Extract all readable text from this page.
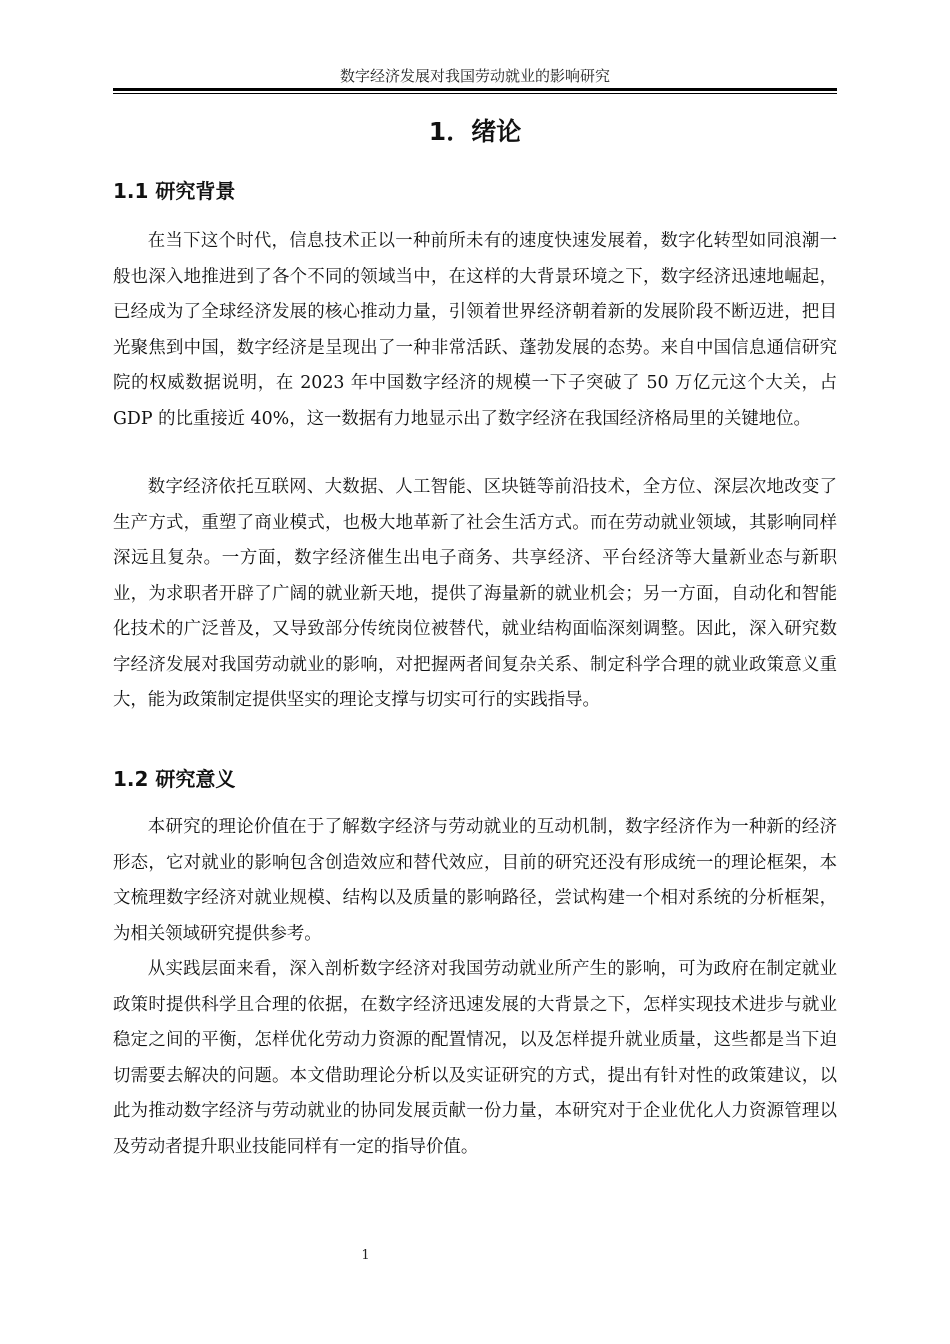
数字经济发展对我国劳动就业的影响研究
1．绪论
1.1 研究背景

在当下这个时代，信息技术正以一种前所未有的速度快速发展着，数字化转型如同浪潮一般也深入地推进到了各个不同的领域当中，在这样的大背景环境之下，数字经济迅速地崛起，已经成为了全球经济发展的核心推动力量，引领着世界经济朝着新的发展阶段不断迈进，把目光聚焦到中国，数字经济是呈现出了一种非常活跃、蓬勃发展的态势。来自中国信息通信研究院的权威数据说明，在 2023 年中国数字经济的规模一下子突破了 50 万亿元这个大关，占 GDP 的比重接近 40%，这一数据有力地显示出了数字经济在我国经济格局里的关键地位。

数字经济依托互联网、大数据、人工智能、区块链等前沿技术，全方位、深层次地改变了生产方式，重塑了商业模式，也极大地革新了社会生活方式。而在劳动就业领域，其影响同样深远且复杂。一方面，数字经济催生出电子商务、共享经济、平台经济等大量新业态与新职业，为求职者开辟了广阔的就业新天地，提供了海量新的就业机会；另一方面，自动化和智能化技术的广泛普及，又导致部分传统岗位被替代，就业结构面临深刻调整。因此，深入研究数字经济发展对我国劳动就业的影响，对把握两者间复杂关系、制定科学合理的就业政策意义重大，能为政策制定提供坚实的理论支撑与切实可行的实践指导。

1.2 研究意义

本研究的理论价值在于了解数字经济与劳动就业的互动机制，数字经济作为一种新的经济形态，它对就业的影响包含创造效应和替代效应，目前的研究还没有形成统一的理论框架，本文梳理数字经济对就业规模、结构以及质量的影响路径，尝试构建一个相对系统的分析框架，为相关领域研究提供参考。

从实践层面来看，深入剖析数字经济对我国劳动就业所产生的影响，可为政府在制定就业政策时提供科学且合理的依据，在数字经济迅速发展的大背景之下，怎样实现技术进步与就业稳定之间的平衡，怎样优化劳动力资源的配置情况，以及怎样提升就业质量，这些都是当下迫切需要去解决的问题。本文借助理论分析以及实证研究的方式，提出有针对性的政策建议，以此为推动数字经济与劳动就业的协同发展贡献一份力量，本研究对于企业优化人力资源管理以及劳动者提升职业技能同样有一定的指导价值。

1
